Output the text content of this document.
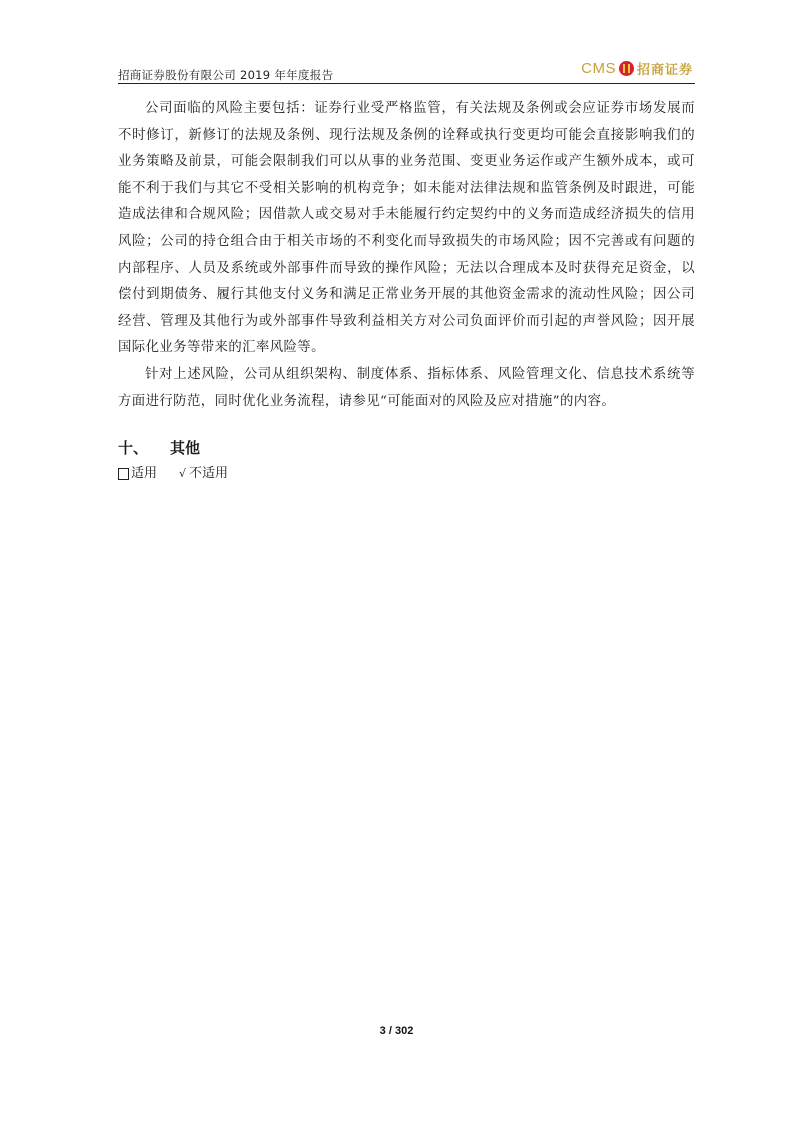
招商证券股份有限公司 2019 年年度报告	CMS 招商证券

公司面临的风险主要包括：证券行业受严格监管，有关法规及条例或会应证券市场发展而不时修订，新修订的法规及条例、现行法规及条例的诠释或执行变更均可能会直接影响我们的业务策略及前景，可能会限制我们可以从事的业务范围、变更业务运作或产生额外成本，或可能不利于我们与其它不受相关影响的机构竞争；如未能对法律法规和监管条例及时跟进，可能造成法律和合规风险；因借款人或交易对手未能履行约定契约中的义务而造成经济损失的信用风险；公司的持仓组合由于相关市场的不利变化而导致损失的市场风险；因不完善或有问题的内部程序、人员及系统或外部事件而导致的操作风险；无法以合理成本及时获得充足资金，以偿付到期债务、履行其他支付义务和满足正常业务开展的其他资金需求的流动性风险；因公司经营、管理及其他行为或外部事件导致利益相关方对公司负面评价而引起的声誉风险；因开展国际化业务等带来的汇率风险等。

针对上述风险，公司从组织架构、制度体系、指标体系、风险管理文化、信息技术系统等方面进行防范，同时优化业务流程，请参见“可能面对的风险及应对措施”的内容。

十、 其他
适用 √ 不适用
3 / 302
